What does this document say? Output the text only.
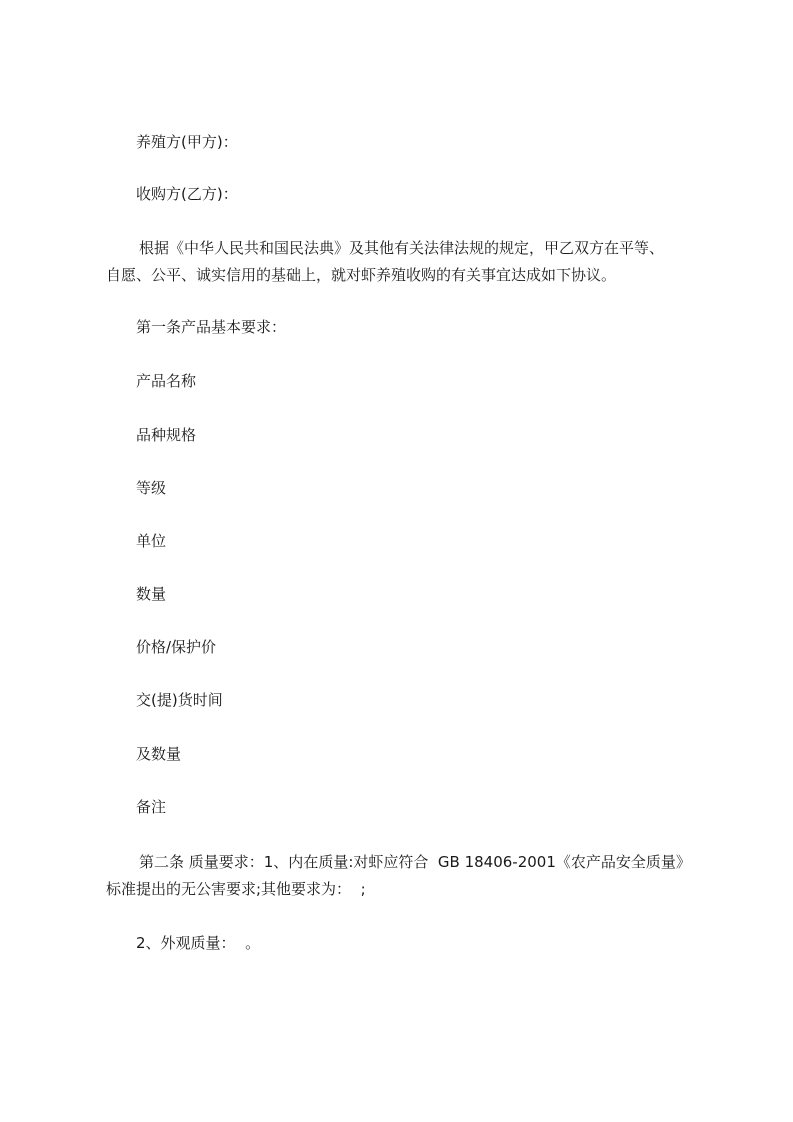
养殖方(甲方)：
收购方(乙方)：
根据《中华人民共和国民法典》及其他有关法律法规的规定，甲乙双方在平等、
自愿、公平、诚实信用的基础上，就对虾养殖收购的有关事宜达成如下协议。
第一条产品基本要求：
产品名称
品种规格
等级
单位
数量
价格/保护价
交(提)货时间
及数量
备注
第二条 质量要求：1、内在质量:对虾应符合  GB 18406-2001《农产品安全质量》
标准提出的无公害要求;其他要求为：  ;
2、外观质量：  。
